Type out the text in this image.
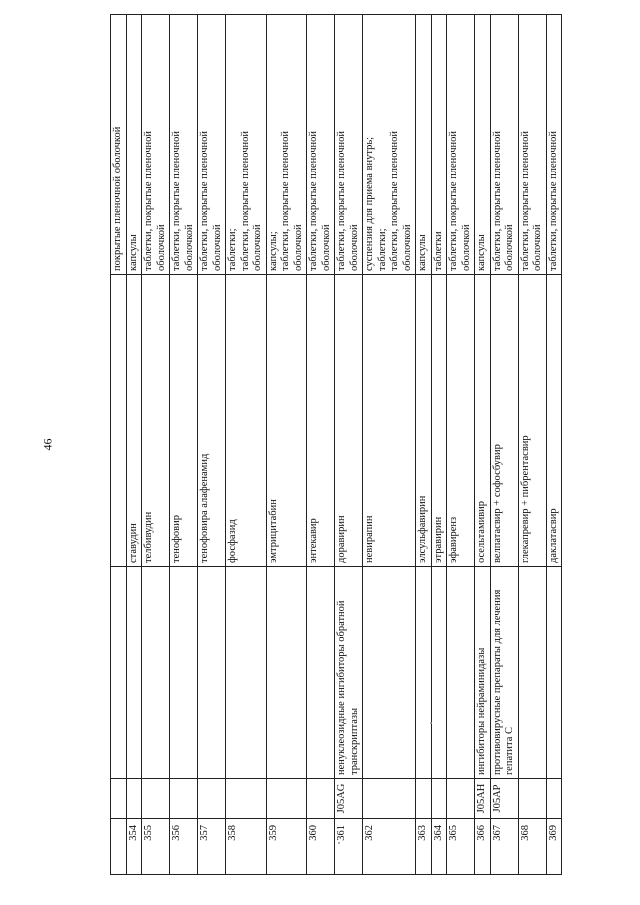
46

				покрытые пленочной оболочкой

354			ставудин	капсулы

355			телбивудин	таблетки, покрытые пленочной оболочкой

356			тенофовир	таблетки, покрытые пленочной оболочкой

357			тенофовира алафенамид	таблетки, покрытые пленочной оболочкой

358			фосфазид	таблетки; таблетки, покрытые пленочной оболочкой

359			эмтрицитабин	капсулы; таблетки, покрытые пленочной оболочкой

360			энтекавир	таблетки, покрытые пленочной оболочкой

361	J05AG	ненуклеозидные ингибиторы обратной транскриптазы	доравирин	таблетки, покрытые пленочной оболочкой

362			невирапин	суспензия для приема внутрь; таблетки; таблетки, покрытые пленочной оболочкой

363			элсульфавирин	капсулы

364			этравирин	таблетки

365			эфавиренз	таблетки, покрытые пленочной оболочкой

366	J05AH	ингибиторы нейраминидазы	осельтамивир	капсулы

367	J05AP	противовирусные препараты для лечения гепатита С	велпатасвир + софосбувир	таблетки, покрытые пленочной оболочкой

368			глекапревир + пибрентасвир	таблетки, покрытые пленочной оболочкой

369			даклатасвир	таблетки, покрытые пленочной
